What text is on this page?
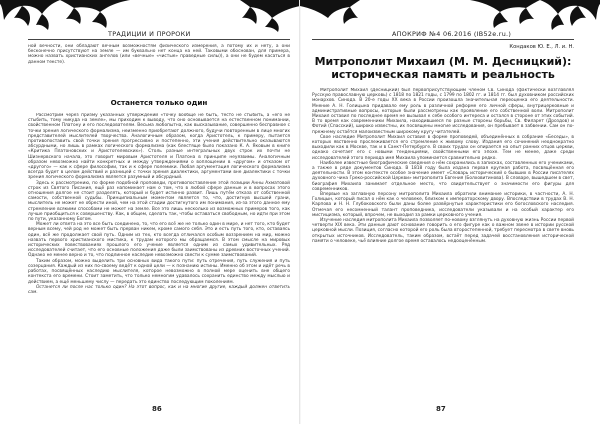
ТРАДИЦИИ И ПРОРОКИ

ной вечности, они обладают вечным возможностям физического измерения, а потому их и нету, а они бесконечно присутствуют на земле — им буквально нет конца на ней. Таковыми обоснован, для примера, можно назвать христианских ангелов (или «вечные» «чистые» праведные силы)), а они не будем касаться в данном тексте).

Останется только один

Рассмотрим через призму указанных утверждений «точку вообще не быть, тесто не стыбить, а «его не стыбить, тому никуда на земле», мы приходим к выводу, что оно основывается на естественном понимании, свойственном Платону и его последователям. Весьма любопытна, как высказывание, совершенно бесправное с точки зрения логического формализма, неизменно приобретают должного, будучи повторенным в лице многих представителей мыслителей творчества. Аналогичным образом, когда Аристотель, к примеру, пытается противопоставить свой точки зрения прогрессивно и постепенно, эти учения действительно оказываются абсурдными, но лишь в рамках логического формализма (как блестяще было показано К. А. Яковым в книге «Критика Платоновских и Аристотелевских»). Столь разные интегральных двух строк их почти не Шизнервского начала, это говорит мировым Аристотеля и Платона в принципе неуязвимы. Аналогичным образом невозможно найти конкретных и между утверждениями о воплощении в «другом» и отказом от «другого» — как к сфере философии, так и к сфере полемики. Любая аргументация логического формализма всегда будет в целом действий и разницей с точки зрения диалектики, аргументами вне диалектики с точки зрения логического формализма является разумный и абсурдный.

Здесь к рассмотрению, по форме подобной проповеди, противопоставление этой позиции Анны Ахматовой строк из Святого Писания, ещё раз напоминает нам о том, что в любой сфере данные и в вопросах этого отношения долгое не стоит разделять, который и будет истинно развит. Лишь путём отказа от собственной самости, собственной судьбы. Принципиальным моментом является то, что, достигнув высшей грани, мыслитель не может не обрести иной, чем на этой стадии достигнутого им понимания, из-за этого данное ему стремление всякими способами не может на земле. Все это лишь несколько из возможных примеров того, как лучше приобщиться к совершенству. Как, в общем, сделать так, чтобы оставаться свободным, но идти при этом по пути, указанному Богом.

Может ли ответа на это все быть соединено, то, что его всё же не только один в мире, и нет того, кто будет верным всему, чей род не может быть прерван никем, кроме самого себя. Это и есть путь того, кто, оставаясь один, всё же продолжает свой путь. Одним из тех, кто всегда отличался особым воззрением на мир, можно назвать первого христианского мистика, к трудам которого мы обращаемся. В этом смысле на мировых исторических повествованиях прошлого его учение является одним из самых удивительных. Ряд исследователей считает, что его основные положения даже были заимствованы из древних восточных учений. Однако не менее верно и то, что подлинное наследие невозможно свести к сумме заимствований.

Таким образом, можно выделить три основных вида такого пути: путь отречения, путь служения и путь созерцания. Каждый из них по-своему ведёт к одной цели — к познанию истины. Именно об этом и идёт речь в работах, посвящённых наследию мыслителя, которое невозможно в полной мере оценить вне общего контекста его времени. Стоит заметить, что только немногим удавалось сохранить единство между мыслью и действием, а ещё меньшему числу — передать это единство последующим поколениям.

Останется ли после нас только один? На этот вопрос, как и на многие другие, каждый должен ответить сам.

86
АПОКРИФ №4 06.2016 (IB52e.ru.)
Кондаков Ю. Е., Л. и. Н.
Митрополит Михаил (М. М. Десницкий): историческая память и реальность

Митрополит Михаил (Десницкий) был первоприсутствующим членом Св. Синода (фактически возглавлял Русскую православную церковь) с 1818 по 1821 годы, с 1799 по 1802 гг. и 1814 гг. был духовником российских монархов. Синода. В 20-е годы XX века в России произошла значительная переоценка его деятельности. Мнение А. Н. Голицына придавало ему роль в различной реформе его личной сферы, внутрицерковные и административные вопросы, которые были рассмотрены как проявление его собственной воли. Митрополит Михаил оставил по последнее время не вызывал к себе особого интереса и остался в стороне от этих событий. В то время как современники Михаила, находившиеся по разные стороны борьбы, Св. Филарет (Дроздов) и Фотий (Спасский), широко известны, их посвящены многие исследования, он пребывает в забвении. Сам он по-прежнему остаётся малоизвестным широкому кругу читателей.

Свое наследие Митрополит Михаил оставил в форме проповедей, объединённых в собрание «Беседы», в которых явственно прослеживается его стремление к живому слову. Издания его сочинений неоднократно выходили как в Москве, так и в Санкт-Петербурге. В своих трудах он опирается на опыт ранних отцов церкви, однако сочетает его с новыми тенденциями, свойственными его эпохе. Тем не менее, даже среди исследователей этого периода имя Михаила упоминается сравнительно редко.

Наиболее известные биографические сведения о нём сохранились в записках, составленных его учениками, а также в ряде документов Синода. В 1818 году была издана первая крупная работа, посвящённая его деятельности. В этом контексте особое значение имеет «Словарь исторический о бывших в России писателях духовного чина Греко-российской Церкви» митрополита Евгения (Болховитинова). В словаре, вышедшем в свет, биография Михаила занимает отдельное место, что свидетельствует о значимости его фигуры для современников.

Впервые на заглавную персону митрополита Михаила обратили внимание историки, в частности, А. Н. Голицын, который писал о нём как о человеке, близком к императорскому двору. Впоследствии в трудах В. Н. Карпова и Н. Н. Глубоковского были даны более развёрнутые характеристики его богословского наследия. Отмечая его несомненный талант проповедника, исследователи указывали и на особый характер его мистицизма, который, впрочем, не выходил за рамки церковного учения.

Изучение наследия митрополита Михаила позволяет по-новому взглянуть на духовную жизнь России первой четверти XIX века. Эти данные дают основание говорить о его фигуре как о важном звене в истории русской церковной мысли. Позиция, согласно которой его роль была второстепенной, требует пересмотра в свете вновь открытых источников. Исследователь, таким образом, встаёт перед задачей восстановления исторической памяти о человеке, чьё влияние долгое время оставалось недооценённым.

87
